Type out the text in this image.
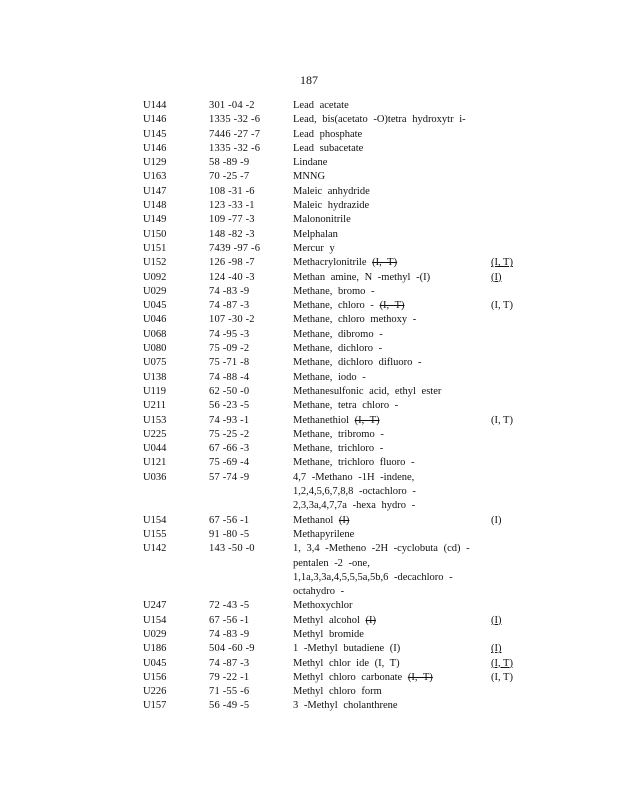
187
U144	301 -04 -2	Lead acetate
U146	1335 -32 -6	Lead, bis(acetato -O)tetra hydroxytr i-
U145	7446 -27 -7	Lead phosphate
U146	1335 -32 -6	Lead subacetate
U129	58 -89 -9	Lindane
U163	70 -25 -7	MNNG
U147	108 -31 -6	Maleic anhydride
U148	123 -33 -1	Maleic hydrazide
U149	109 -77 -3	Malononitrile
U150	148 -82 -3	Melphalan
U151	7439 -97 -6	Mercur y
U152	126 -98 -7	Methacrylonitrile (I, T)	(I, T)
U092	124 -40 -3	Methan amine, N -methyl -(I)	(I)
U029	74 -83 -9	Methane, bromo -
U045	74 -87 -3	Methane, chloro - (I, T)	(I, T)
U046	107 -30 -2	Methane, chloro methoxy -
U068	74 -95 -3	Methane, dibromo -
U080	75 -09 -2	Methane, dichloro -
U075	75 -71 -8	Methane, dichloro difluoro -
U138	74 -88 -4	Methane, iodo -
U119	62 -50 -0	Methanesulfonic acid, ethyl ester
U211	56 -23 -5	Methane, tetra chloro -
U153	74 -93 -1	Methanethiol (I, T)	(I, T)
U225	75 -25 -2	Methane, tribromo -
U044	67 -66 -3	Methane, trichloro -
U121	75 -69 -4	Methane, trichloro fluoro -
U036	57 -74 -9	4,7 -Methano -1H -indene,
1,2,4,5,6,7,8,8 -octachloro -
2,3,3a,4,7,7a -hexa hydro -
U154	67 -56 -1	Methanol (I)	(I)
U155	91 -80 -5	Methapyrilene
U142	143 -50 -0	1, 3,4 -Metheno -2H -cyclobuta (cd) -
pentalen -2 -one,
1,1a,3,3a,4,5,5,5a,5b,6 -decachloro -
octahydro -
U247	72 -43 -5	Methoxychlor
U154	67 -56 -1	Methyl alcohol (I)	(I)
U029	74 -83 -9	Methyl bromide
U186	504 -60 -9	1 -Methyl butadiene (I)	(I)
U045	74 -87 -3	Methyl chlor ide (I, T)	(I, T)
U156	79 -22 -1	Methyl chloro carbonate (I, T)	(I, T)
U226	71 -55 -6	Methyl chloro form
U157	56 -49 -5	3 -Methyl cholanthrene
